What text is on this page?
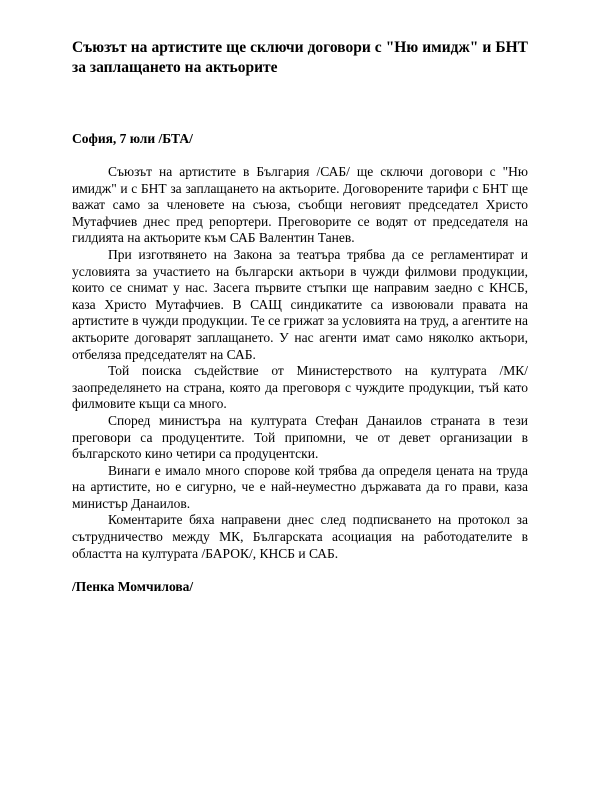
Съюзът на артистите ще сключи договори с "Ню имидж" и БНТ за заплащането на актьорите

София, 7 юли /БТА/

Съюзът на артистите в България /САБ/ ще сключи договори с "Ню имидж" и с БНТ за заплащането на актьорите. Договорените тарифи с БНТ ще важат само за членовете на съюза, съобщи неговият председател Христо Мутафчиев днес пред репортери. Преговорите се водят от председателя на гилдията на актьорите към САБ Валентин Танев.

При изготвянето на Закона за театъра трябва да се регламентират и условията за участието на български актьори в чужди филмови продукции, които се снимат у нас. Засега първите стъпки ще направим заедно с КНСБ, каза Христо Мутафчиев. В САЩ синдикатите са извоювали правата на артистите в чужди продукции. Те се грижат за условията на труд, а агентите на актьорите договарят заплащането. У нас агенти имат само няколко актьори, отбеляза председателят на САБ.

Той поиска съдействие от Министерството на културата /МК/ заопределянето на страна, която да преговоря с чуждите продукции, тъй като филмовите къщи са много.

Според министъра на културата Стефан Данаилов страната в тези преговори са продуцентите. Той припомни, че от девет организации в българското кино четири са продуцентски.

Винаги е имало много спорове кой трябва да определя цената на труда на артистите, но е сигурно, че е най-неуместно държавата да го прави, каза министър Данаилов.

Коментарите бяха направени днес след подписването на протокол за сътрудничество между МК, Българската асоциация на работодателите в областта на културата /БАРОК/, КНСБ и САБ.

/Пенка Момчилова/
